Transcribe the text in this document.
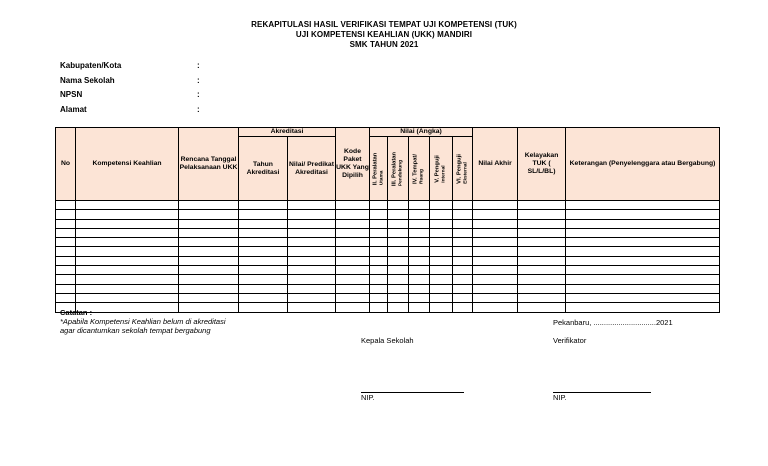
REKAPITULASI HASIL VERIFIKASI TEMPAT UJI KOMPETENSI (TUK)
UJI KOMPETENSI KEAHLIAN (UKK) MANDIRI
SMK TAHUN 2021
Kabupaten/Kota	:
Nama Sekolah	:
NPSN	:
Alamat	:
No	Kompetensi Keahlian	Rencana Tanggal Pelaksanaan UKK	Akreditasi		Kode Paket UKK Yang Dipilih	Nilai (Angka)					Nilai Akhir	Kelayakan TUK ( SL/L/BL)	Keterangan (Penyelenggara atau Bergabung)
			Tahun Akreditasi	Nilai/ Predikat Akreditasi		II. Peralatan Utama	III. Peralatan Pendukung	IV. Tempat/ Ruang	V. Penguji Internal	VI. Penguji Eksternal			

Catatan :
*Apabila Kompetensi Keahlian belum di akreditasi
agar dicantumkan sekolah tempat bergabung
Pekanbaru, ..............................2021
Kepala Sekolah	Verifikator
NIP.	NIP.
